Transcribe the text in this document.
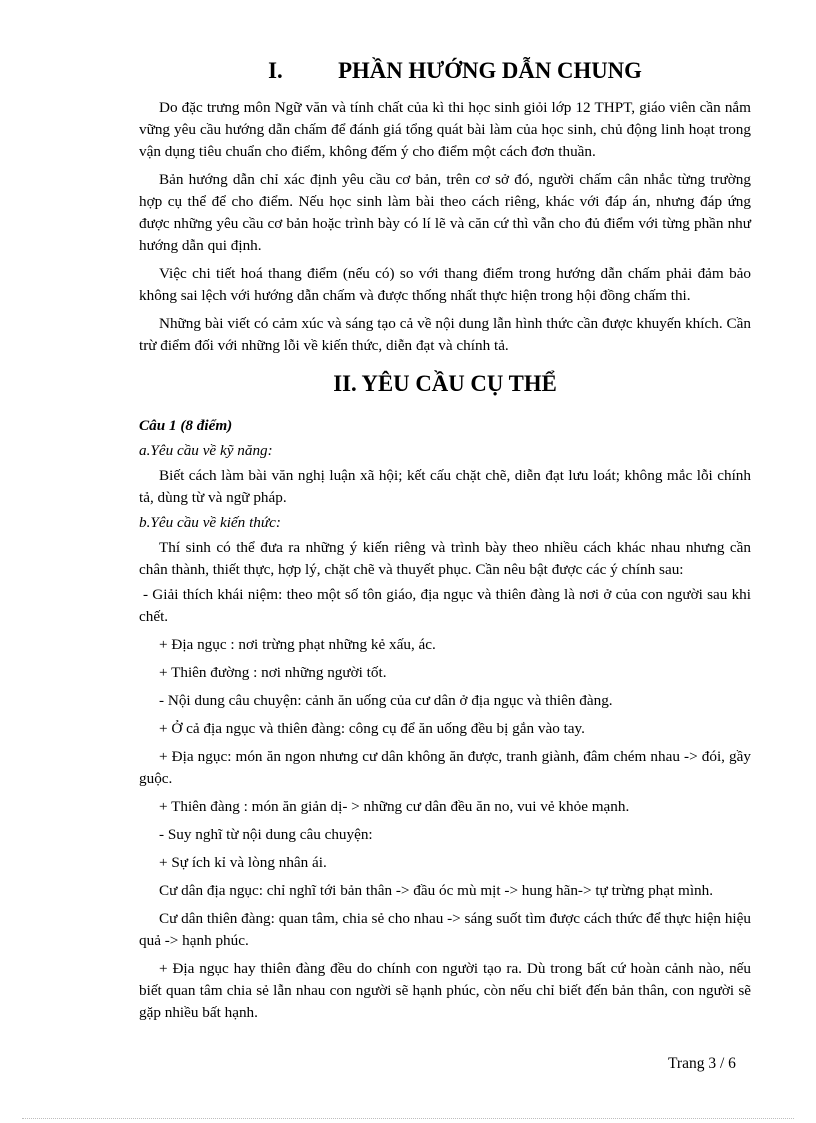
I. PHẦN HƯỚNG DẪN CHUNG

Do đặc trưng môn Ngữ văn và tính chất của kì thi học sinh giỏi lớp 12 THPT, giáo viên cần nắm vững yêu cầu hướng dẫn chấm để đánh giá tổng quát bài làm của học sinh, chủ động linh hoạt trong vận dụng tiêu chuẩn cho điểm, không đếm ý cho điểm một cách đơn thuần.

Bản hướng dẫn chỉ xác định yêu cầu cơ bản, trên cơ sở đó, người chấm cân nhắc từng trường hợp cụ thể để cho điểm. Nếu học sinh làm bài theo cách riêng, khác với đáp án, nhưng đáp ứng được những yêu cầu cơ bản hoặc trình bày có lí lẽ và căn cứ thì vẫn cho đủ điểm với từng phần như hướng dẫn qui định.

Việc chi tiết hoá thang điểm (nếu có) so với thang điểm trong hướng dẫn chấm phải đảm bảo không sai lệch với hướng dẫn chấm và được thống nhất thực hiện trong hội đồng chấm thi.

Những bài viết có cảm xúc và sáng tạo cả về nội dung lẫn hình thức cần được khuyến khích. Cần trừ điểm đối với những lỗi về kiến thức, diễn đạt và chính tả.

II. YÊU CẦU CỤ THỂ

Câu 1 (8 điểm)

a.Yêu cầu về kỹ năng:

Biết cách làm bài văn nghị luận xã hội; kết cấu chặt chẽ, diễn đạt lưu loát; không mắc lỗi chính tả, dùng từ và ngữ pháp.

b.Yêu cầu về kiến thức:

Thí sinh có thể đưa ra những ý kiến riêng và trình bày theo nhiều cách khác nhau nhưng cần chân thành, thiết thực, hợp lý, chặt chẽ và thuyết phục. Cần nêu bật được các ý chính sau:

- Giải thích khái niệm: theo một số tôn giáo, địa ngục và thiên đàng là nơi ở của con người sau khi chết.

+ Địa ngục : nơi trừng phạt những kẻ xấu, ác.

+ Thiên đường : nơi những người tốt.

- Nội dung câu chuyện: cảnh ăn uống của cư dân ở địa ngục và thiên đàng.

+ Ở cả địa ngục và thiên đàng: công cụ để ăn uống đều bị gắn vào tay.

+ Địa ngục: món ăn ngon nhưng cư dân không ăn được, tranh giành, đâm chém nhau -> đói, gầy guộc.

+ Thiên đàng : món ăn giản dị- > những cư dân đều ăn no, vui vẻ khỏe mạnh.

- Suy nghĩ từ nội dung câu chuyện:

+ Sự ích kỉ và lòng nhân ái.

Cư dân địa ngục: chỉ nghĩ tới bản thân -> đầu óc mù mịt -> hung hãn-> tự trừng phạt mình.

Cư dân thiên đàng: quan tâm, chia sẻ cho nhau -> sáng suốt tìm được cách thức để thực hiện hiệu quả -> hạnh phúc.

+ Địa ngục hay thiên đàng đều do chính con người tạo ra. Dù trong bất cứ hoàn cảnh nào, nếu biết quan tâm chia sẻ lẫn nhau con người sẽ hạnh phúc, còn nếu chỉ biết đến bản thân, con người sẽ gặp nhiều bất hạnh.

Trang 3 / 6
